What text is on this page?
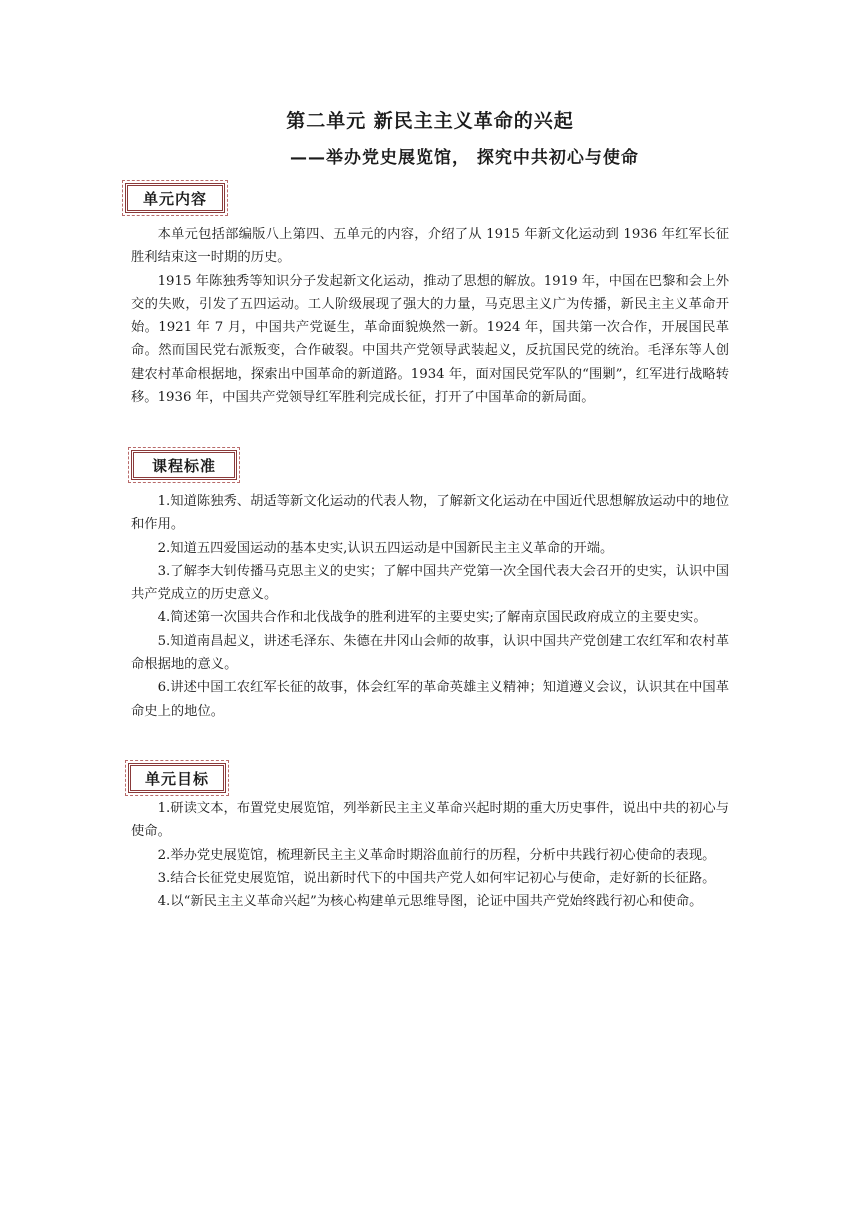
第二单元 新民主主义革命的兴起
——举办党史展览馆， 探究中共初心与使命
单元内容

本单元包括部编版八上第四、五单元的内容，介绍了从 1915 年新文化运动到 1936 年红军长征胜利结束这一时期的历史。

1915 年陈独秀等知识分子发起新文化运动，推动了思想的解放。1919 年，中国在巴黎和会上外交的失败，引发了五四运动。工人阶级展现了强大的力量，马克思主义广为传播，新民主主义革命开始。1921 年 7 月，中国共产党诞生，革命面貌焕然一新。1924 年，国共第一次合作，开展国民革命。然而国民党右派叛变，合作破裂。中国共产党领导武装起义，反抗国民党的统治。毛泽东等人创建农村革命根据地，探索出中国革命的新道路。1934 年，面对国民党军队的“围剿”，红军进行战略转移。1936 年，中国共产党领导红军胜利完成长征，打开了中国革命的新局面。

课程标准

1.知道陈独秀、胡适等新文化运动的代表人物，了解新文化运动在中国近代思想解放运动中的地位和作用。

2.知道五四爱国运动的基本史实,认识五四运动是中国新民主主义革命的开端。

3.了解李大钊传播马克思主义的史实；了解中国共产党第一次全国代表大会召开的史实，认识中国共产党成立的历史意义。

4.简述第一次国共合作和北伐战争的胜利进军的主要史实;了解南京国民政府成立的主要史实。

5.知道南昌起义，讲述毛泽东、朱德在井冈山会师的故事，认识中国共产党创建工农红军和农村革命根据地的意义。

6.讲述中国工农红军长征的故事，体会红军的革命英雄主义精神；知道遵义会议，认识其在中国革命史上的地位。

单元目标

1.研读文本，布置党史展览馆，列举新民主主义革命兴起时期的重大历史事件，说出中共的初心与使命。

2.举办党史展览馆，梳理新民主主义革命时期浴血前行的历程，分析中共践行初心使命的表现。

3.结合长征党史展览馆，说出新时代下的中国共产党人如何牢记初心与使命，走好新的长征路。

4.以“新民主主义革命兴起”为核心构建单元思维导图，论证中国共产党始终践行初心和使命。
